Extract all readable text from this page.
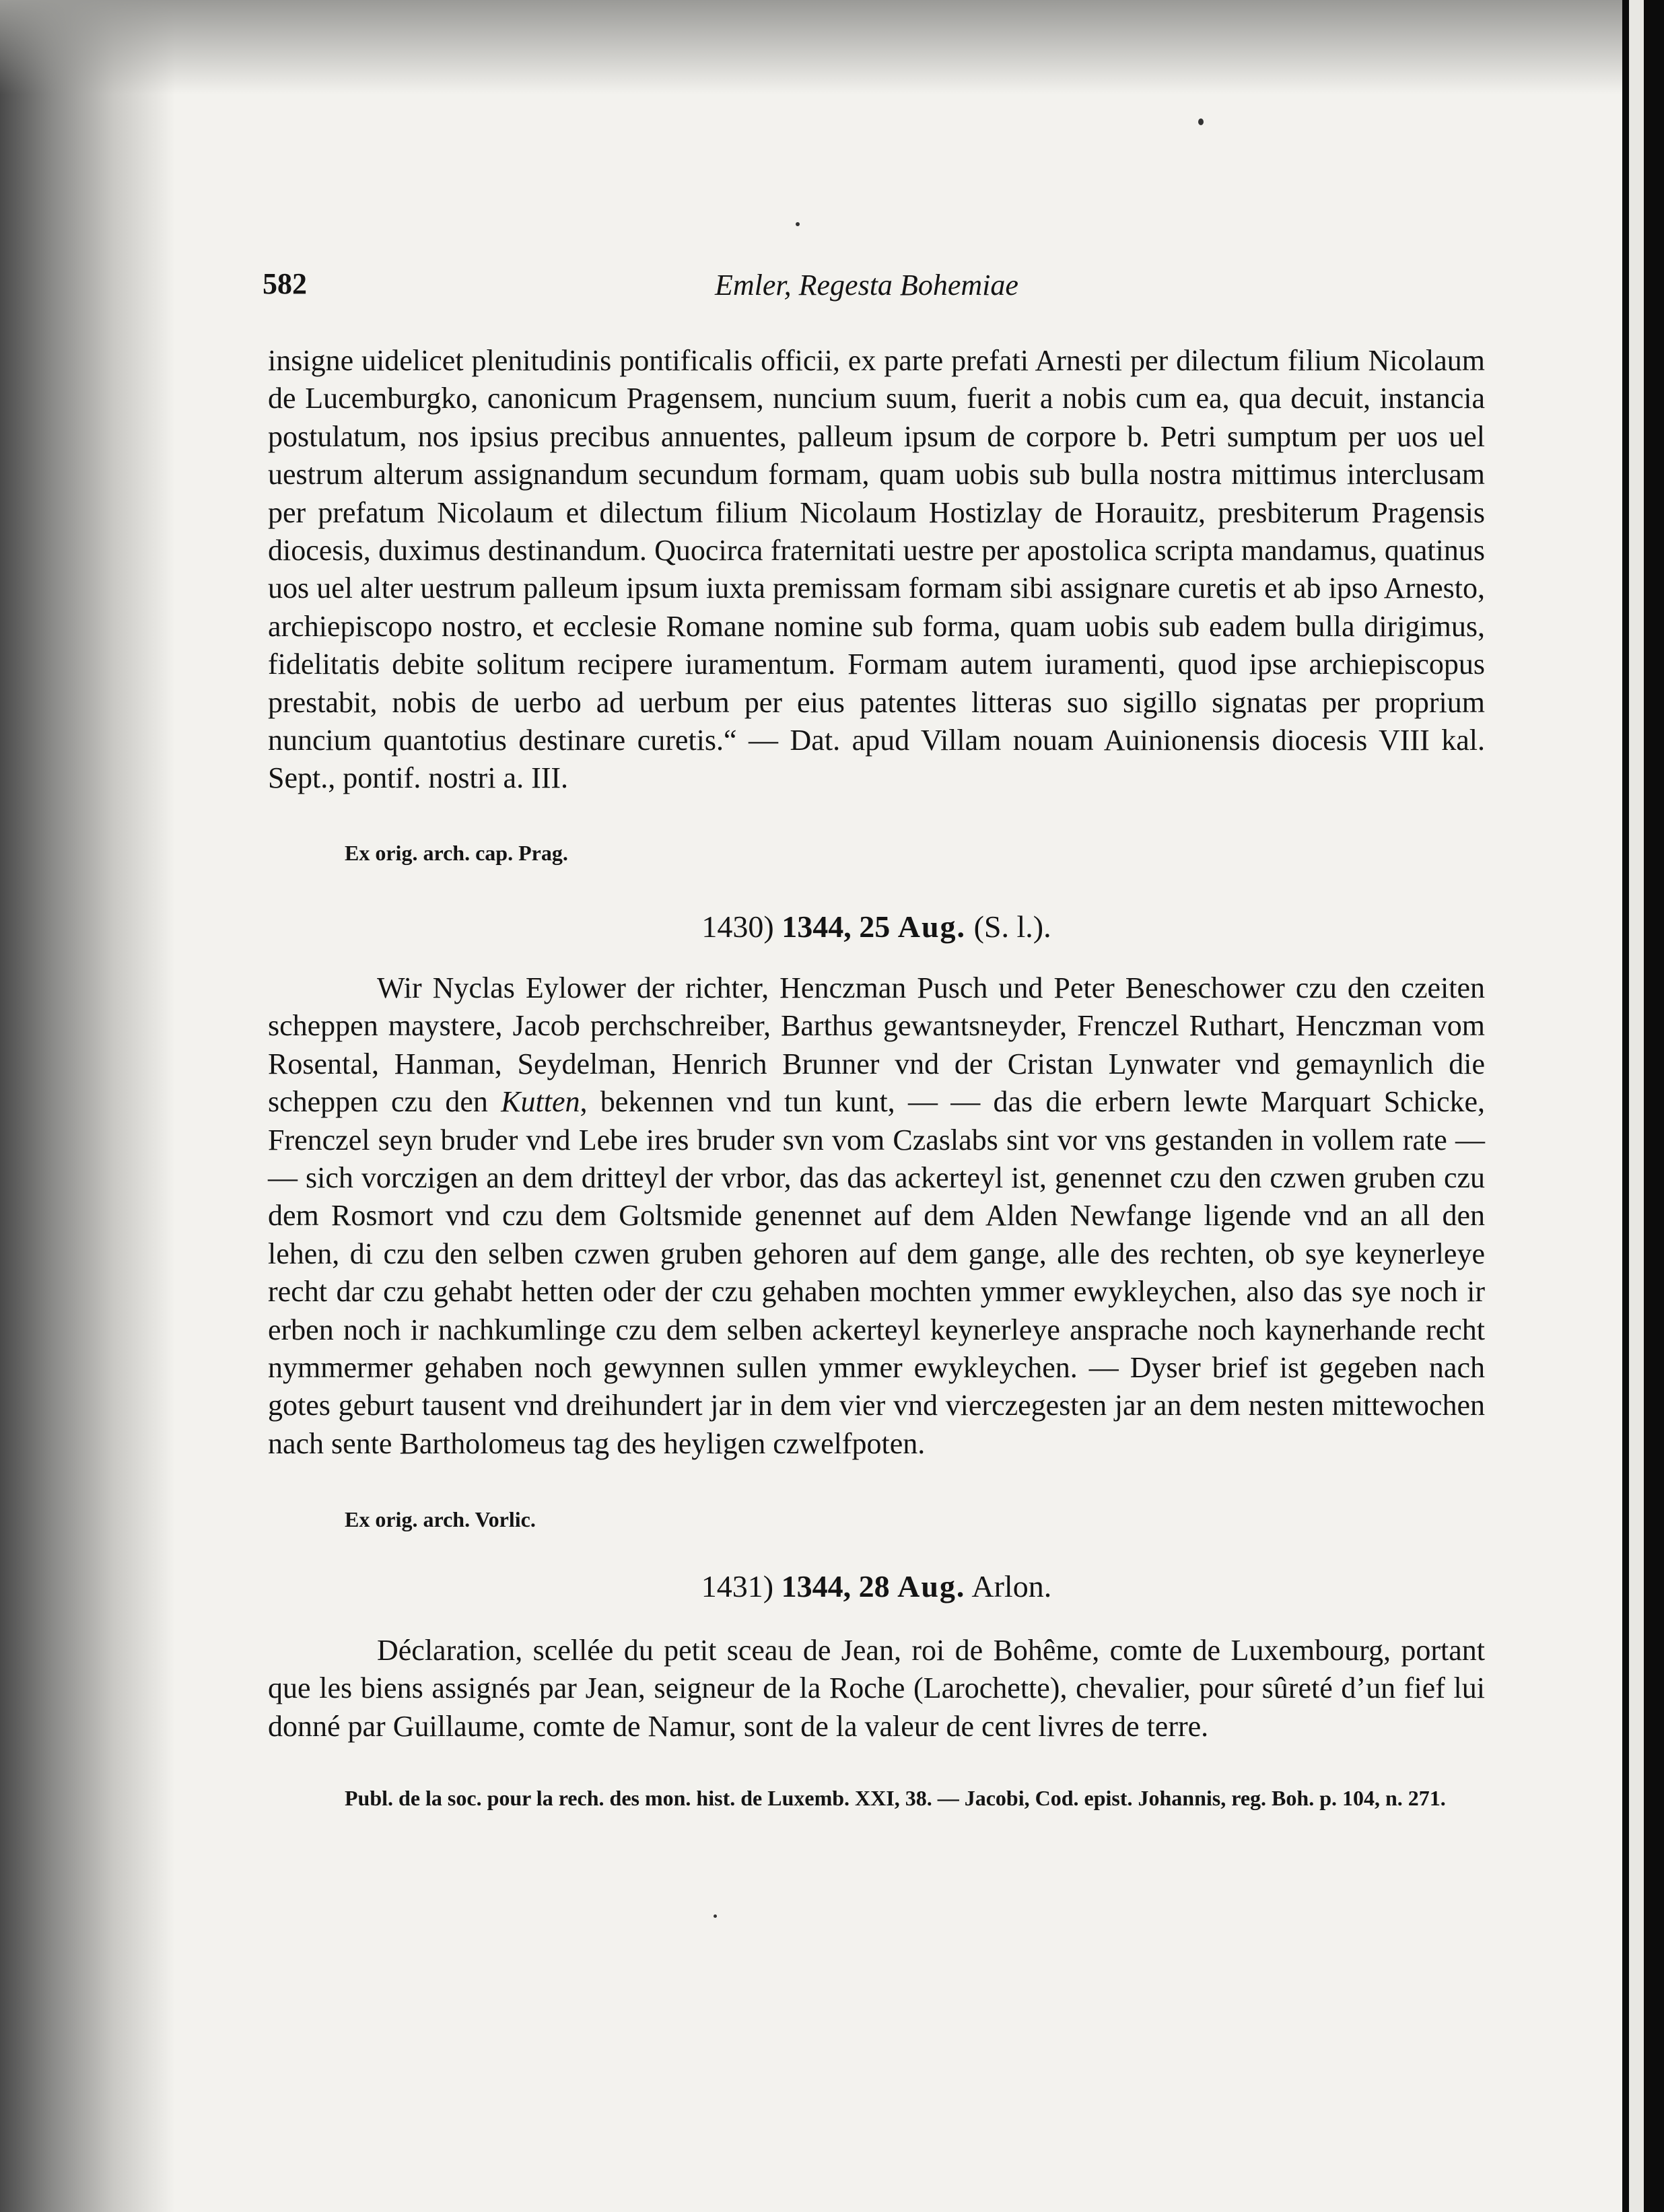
582	Emler, Regesta Bohemiae

insigne uidelicet plenitudinis pontificalis officii, ex parte prefati Arnesti per dilectum filium Nicolaum de Lucemburgko, canonicum Pragensem, nuncium suum, fuerit a nobis cum ea, qua decuit, instancia postulatum, nos ipsius precibus annuentes, palleum ipsum de corpore b. Petri sumptum per uos uel uestrum alterum assignandum secundum formam, quam uobis sub bulla nostra mittimus interclusam per prefatum Nicolaum et dilectum filium Nicolaum Hostizlay de Horauitz, presbiterum Pragensis diocesis, duximus destinandum. Quocirca fraternitati uestre per apostolica scripta mandamus, quatinus uos uel alter uestrum palleum ipsum iuxta premissam formam sibi assignare curetis et ab ipso Arnesto, archiepiscopo nostro, et ecclesie Romane nomine sub forma, quam uobis sub eadem bulla dirigimus, fidelitatis debite solitum recipere iuramentum. Formam autem iuramenti, quod ipse archiepiscopus prestabit, nobis de uerbo ad uerbum per eius patentes litteras suo sigillo signatas per proprium nuncium quantotius destinare curetis.“ — Dat. apud Villam nouam Auinionensis diocesis VIII kal. Sept., pontif. nostri a. III.

Ex orig. arch. cap. Prag.
1430) 1344, 25 Aug. (S. l.).

Wir Nyclas Eylower der richter, Henczman Pusch und Peter Beneschower czu den czeiten scheppen maystere, Jacob perchschreiber, Barthus gewantsneyder, Frenczel Ruthart, Henczman vom Rosental, Hanman, Seydelman, Henrich Brunner vnd der Cristan Lynwater vnd gemaynlich die scheppen czu den Kutten, bekennen vnd tun kunt, — — das die erbern lewte Marquart Schicke, Frenczel seyn bruder vnd Lebe ires bruder svn vom Czaslabs sint vor vns gestanden in vollem rate — — sich vorczigen an dem dritteyl der vrbor, das das ackerteyl ist, genennet czu den czwen gruben czu dem Rosmort vnd czu dem Goltsmide genennet auf dem Alden Newfange ligende vnd an all den lehen, di czu den selben czwen gruben gehoren auf dem gange, alle des rechten, ob sye keynerleye recht dar czu gehabt hetten oder der czu gehaben mochten ymmer ewykleychen, also das sye noch ir erben noch ir nachkumlinge czu dem selben ackerteyl keynerleye ansprache noch kaynerhande recht nymmermer gehaben noch gewynnen sullen ymmer ewykleychen. — Dyser brief ist gegeben nach gotes geburt tausent vnd dreihundert jar in dem vier vnd vierczegesten jar an dem nesten mittewochen nach sente Bartholomeus tag des heyligen czwelfpoten.

Ex orig. arch. Vorlic.
1431) 1344, 28 Aug. Arlon.

Déclaration, scellée du petit sceau de Jean, roi de Bohême, comte de Luxembourg, portant que les biens assignés par Jean, seigneur de la Roche (Larochette), chevalier, pour sûreté d’un fief lui donné par Guillaume, comte de Namur, sont de la valeur de cent livres de terre.

Publ. de la soc. pour la rech. des mon. hist. de Luxemb. XXI, 38. — Jacobi, Cod. epist. Johannis, reg. Boh. p. 104, n. 271.
